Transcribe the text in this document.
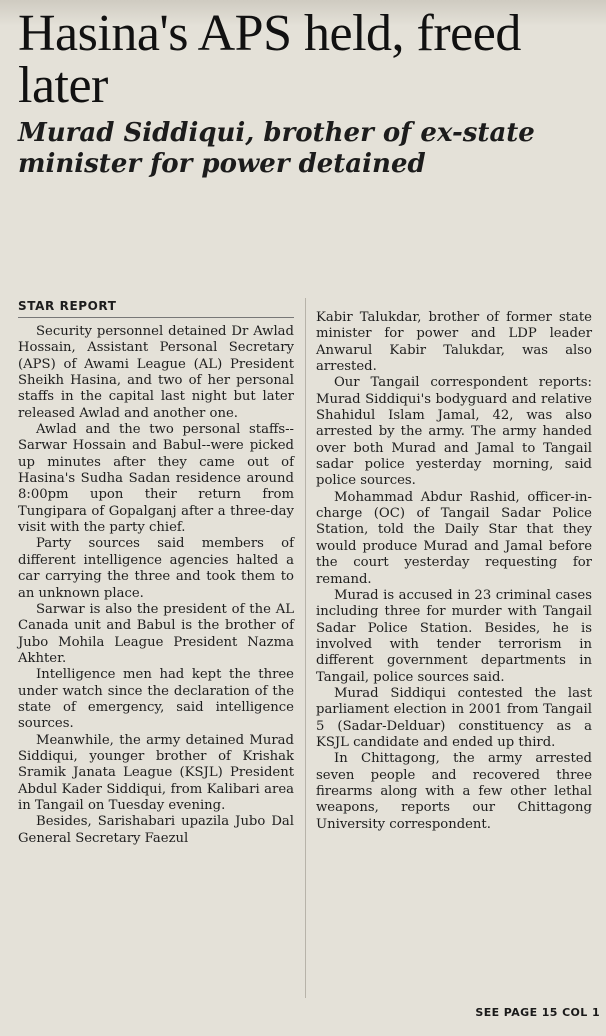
Hasina's APS held, freed later
Murad Siddiqui, brother of ex-state minister for power detained
STAR REPORT

Security personnel detained Dr Awlad Hossain, Assistant Personal Secretary (APS) of Awami League (AL) President Sheikh Hasina, and two of her personal staffs in the capital last night but later released Awlad and another one.

Awlad and the two personal staffs--Sarwar Hossain and Babul--were picked up minutes after they came out of Hasina's Sudha Sadan residence around 8:00pm upon their return from Tungipara of Gopalganj after a three-day visit with the party chief.

Party sources said members of different intelligence agencies halted a car carrying the three and took them to an unknown place.

Sarwar is also the president of the AL Canada unit and Babul is the brother of Jubo Mohila League President Nazma Akhter.

Intelligence men had kept the three under watch since the declaration of the state of emergency, said intelligence sources.

Meanwhile, the army detained Murad Siddiqui, younger brother of Krishak Sramik Janata League (KSJL) President Abdul Kader Siddiqui, from Kalibari area in Tangail on Tuesday evening.

Besides, Sarishabari upazila Jubo Dal General Secretary Faezul

Kabir Talukdar, brother of former state minister for power and LDP leader Anwarul Kabir Talukdar, was also arrested.

Our Tangail correspondent reports: Murad Siddiqui's bodyguard and relative Shahidul Islam Jamal, 42, was also arrested by the army. The army handed over both Murad and Jamal to Tangail sadar police yesterday morning, said police sources.

Mohammad Abdur Rashid, officer-in-charge (OC) of Tangail Sadar Police Station, told the Daily Star that they would produce Murad and Jamal before the court yesterday requesting for remand.

Murad is accused in 23 criminal cases including three for murder with Tangail Sadar Police Station. Besides, he is involved with tender terrorism in different government departments in Tangail, police sources said.

Murad Siddiqui contested the last parliament election in 2001 from Tangail 5 (Sadar-Delduar) constituency as a KSJL candidate and ended up third.

In Chittagong, the army arrested seven people and recovered three firearms along with a few other lethal weapons, reports our Chittagong University correspondent.

SEE PAGE 15 COL 1
